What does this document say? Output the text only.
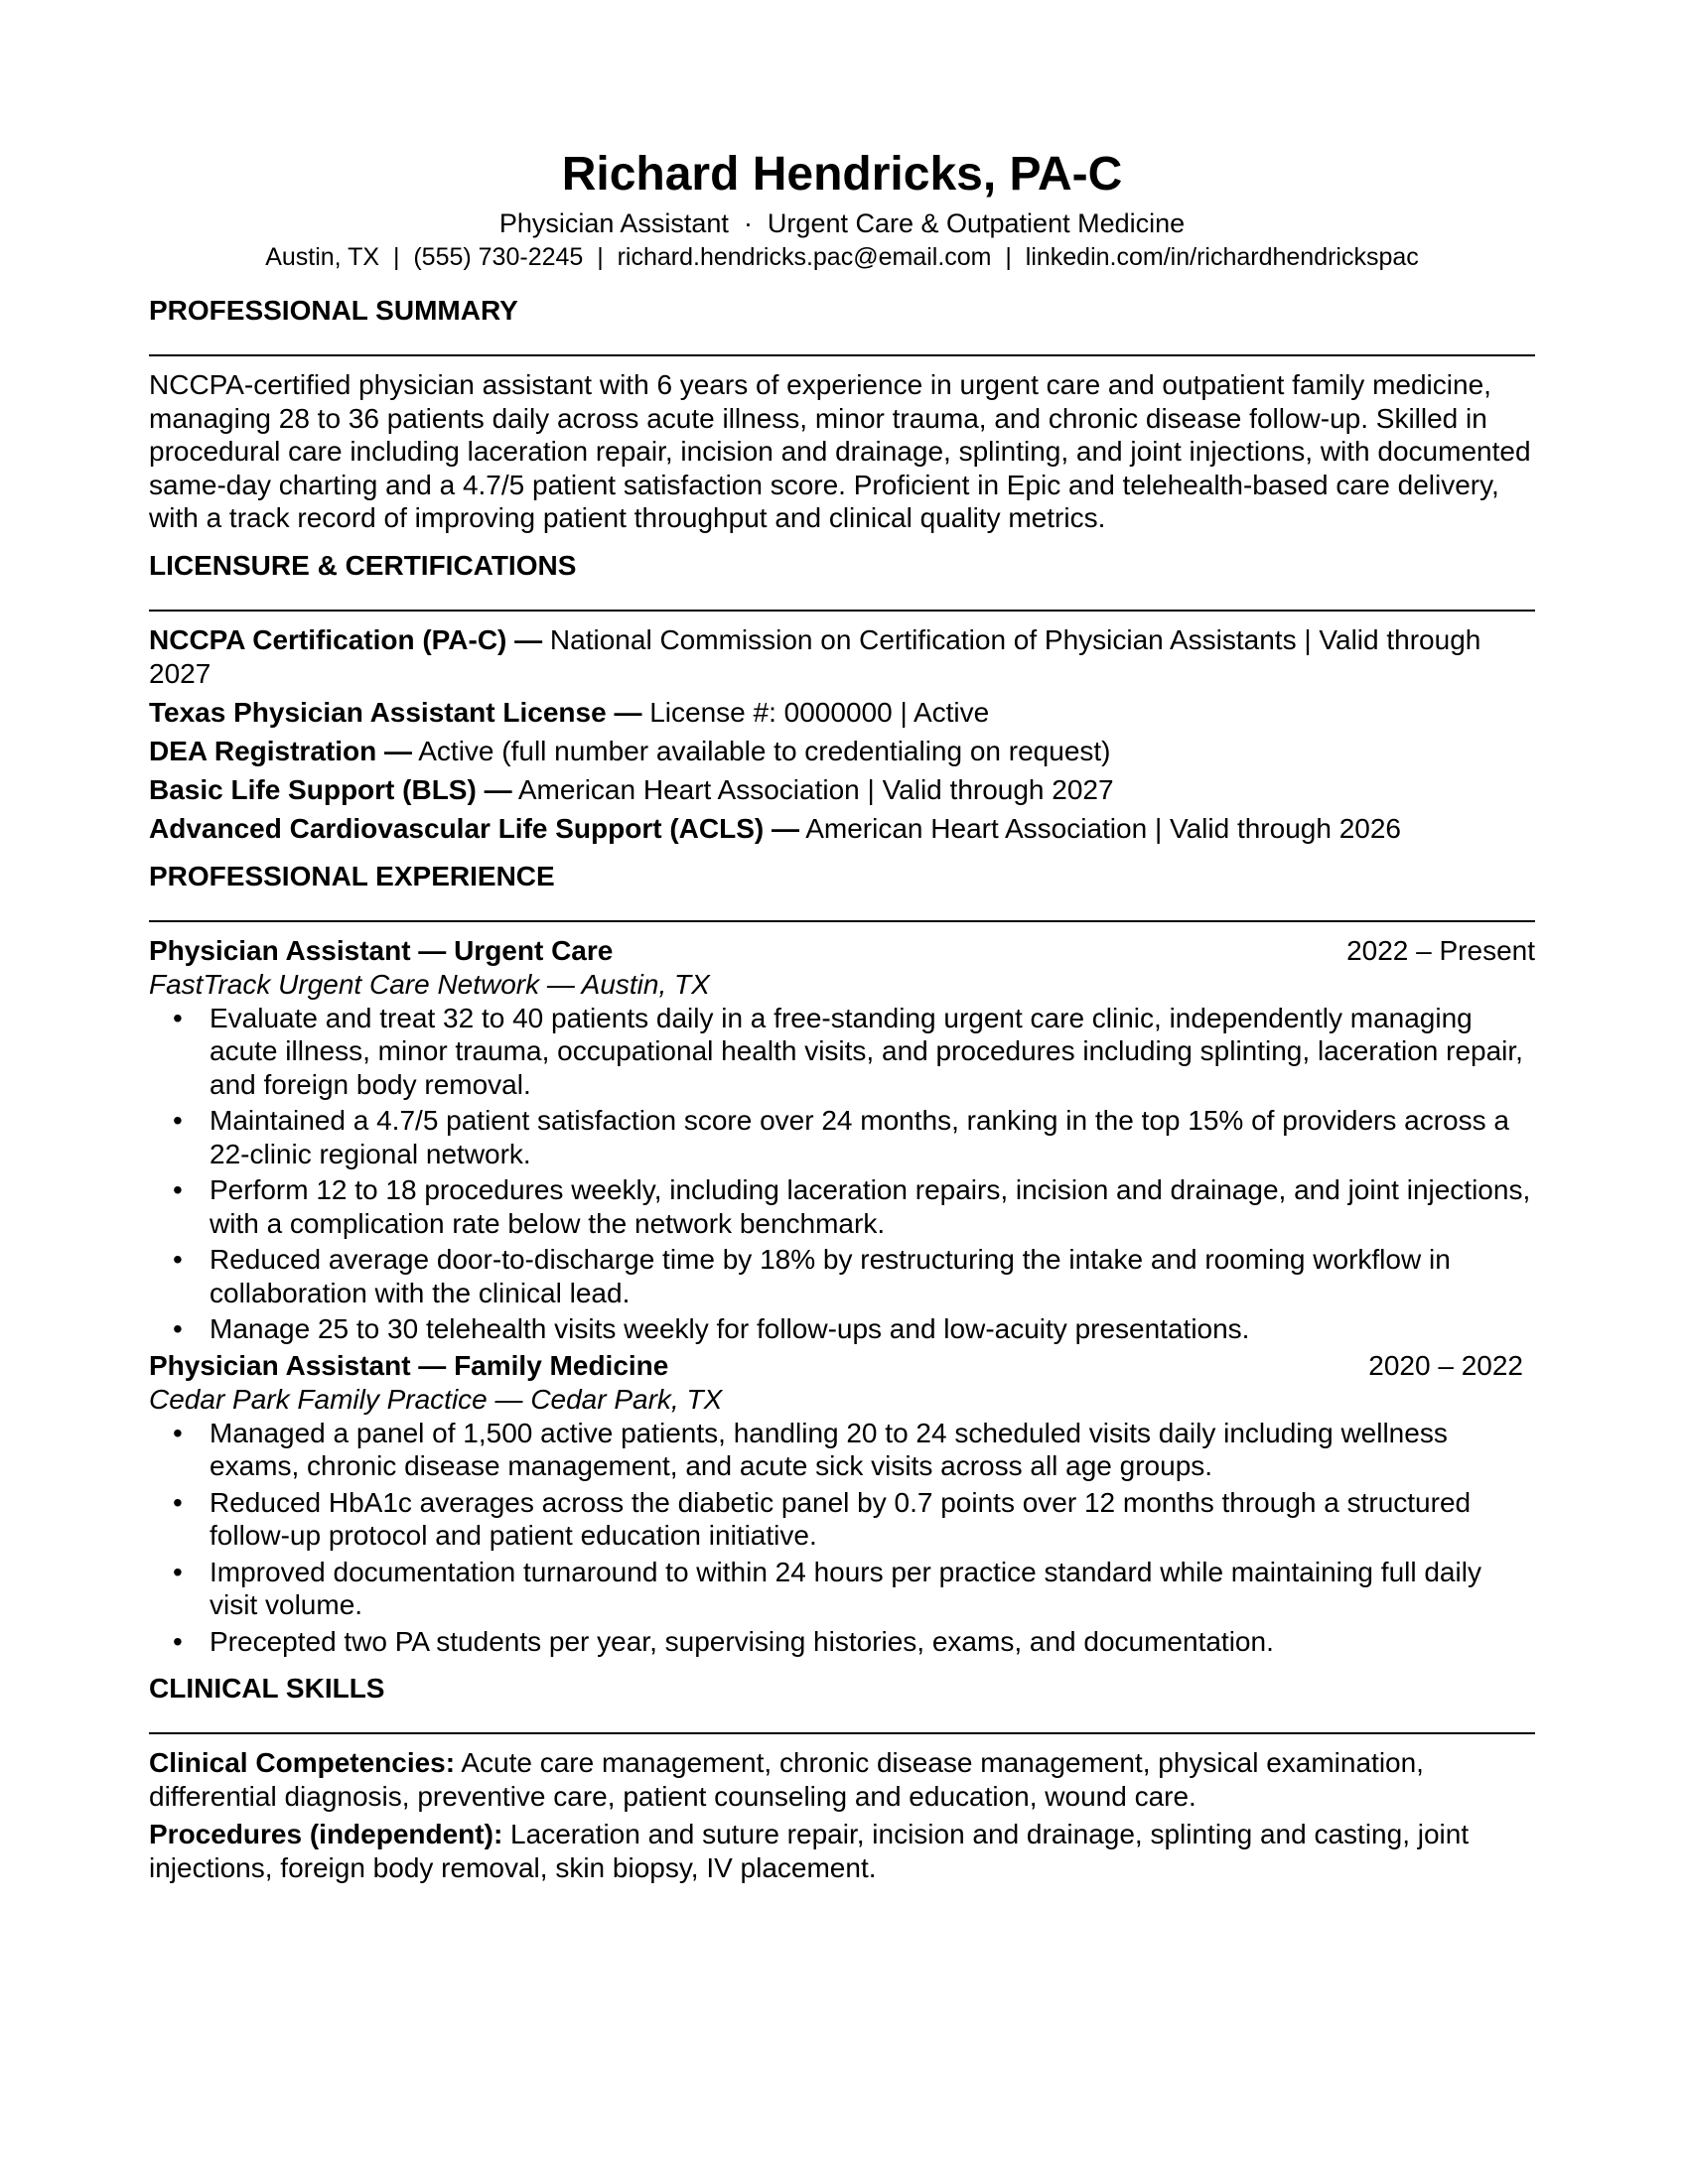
Richard Hendricks, PA-C
Physician Assistant  ·  Urgent Care & Outpatient Medicine
Austin, TX  |  (555) 730-2245  |  richard.hendricks.pac@email.com  |  linkedin.com/in/richardhendrickspac
PROFESSIONAL SUMMARY

NCCPA-certified physician assistant with 6 years of experience in urgent care and outpatient family medicine, managing 28 to 36 patients daily across acute illness, minor trauma, and chronic disease follow-up. Skilled in procedural care including laceration repair, incision and drainage, splinting, and joint injections, with documented same-day charting and a 4.7/5 patient satisfaction score. Proficient in Epic and telehealth-based care delivery, with a track record of improving patient throughput and clinical quality metrics.

LICENSURE & CERTIFICATIONS
NCCPA Certification (PA-C) — National Commission on Certification of Physician Assistants | Valid through 2027
Texas Physician Assistant License — License #: 0000000 | Active
DEA Registration — Active (full number available to credentialing on request)
Basic Life Support (BLS) — American Heart Association | Valid through 2027
Advanced Cardiovascular Life Support (ACLS) — American Heart Association | Valid through 2026
PROFESSIONAL EXPERIENCE
Physician Assistant — Urgent Care	2022 – Present
FastTrack Urgent Care Network — Austin, TX
• Evaluate and treat 32 to 40 patients daily in a free-standing urgent care clinic, independently managing acute illness, minor trauma, occupational health visits, and procedures including splinting, laceration repair, and foreign body removal.
• Maintained a 4.7/5 patient satisfaction score over 24 months, ranking in the top 15% of providers across a 22-clinic regional network.
• Perform 12 to 18 procedures weekly, including laceration repairs, incision and drainage, and joint injections, with a complication rate below the network benchmark.
• Reduced average door-to-discharge time by 18% by restructuring the intake and rooming workflow in collaboration with the clinical lead.
• Manage 25 to 30 telehealth visits weekly for follow-ups and low-acuity presentations.
Physician Assistant — Family Medicine	2020 – 2022
Cedar Park Family Practice — Cedar Park, TX
• Managed a panel of 1,500 active patients, handling 20 to 24 scheduled visits daily including wellness exams, chronic disease management, and acute sick visits across all age groups.
• Reduced HbA1c averages across the diabetic panel by 0.7 points over 12 months through a structured follow-up protocol and patient education initiative.
• Improved documentation turnaround to within 24 hours per practice standard while maintaining full daily visit volume.
• Precepted two PA students per year, supervising histories, exams, and documentation.
CLINICAL SKILLS
Clinical Competencies: Acute care management, chronic disease management, physical examination, differential diagnosis, preventive care, patient counseling and education, wound care.
Procedures (independent): Laceration and suture repair, incision and drainage, splinting and casting, joint injections, foreign body removal, skin biopsy, IV placement.
